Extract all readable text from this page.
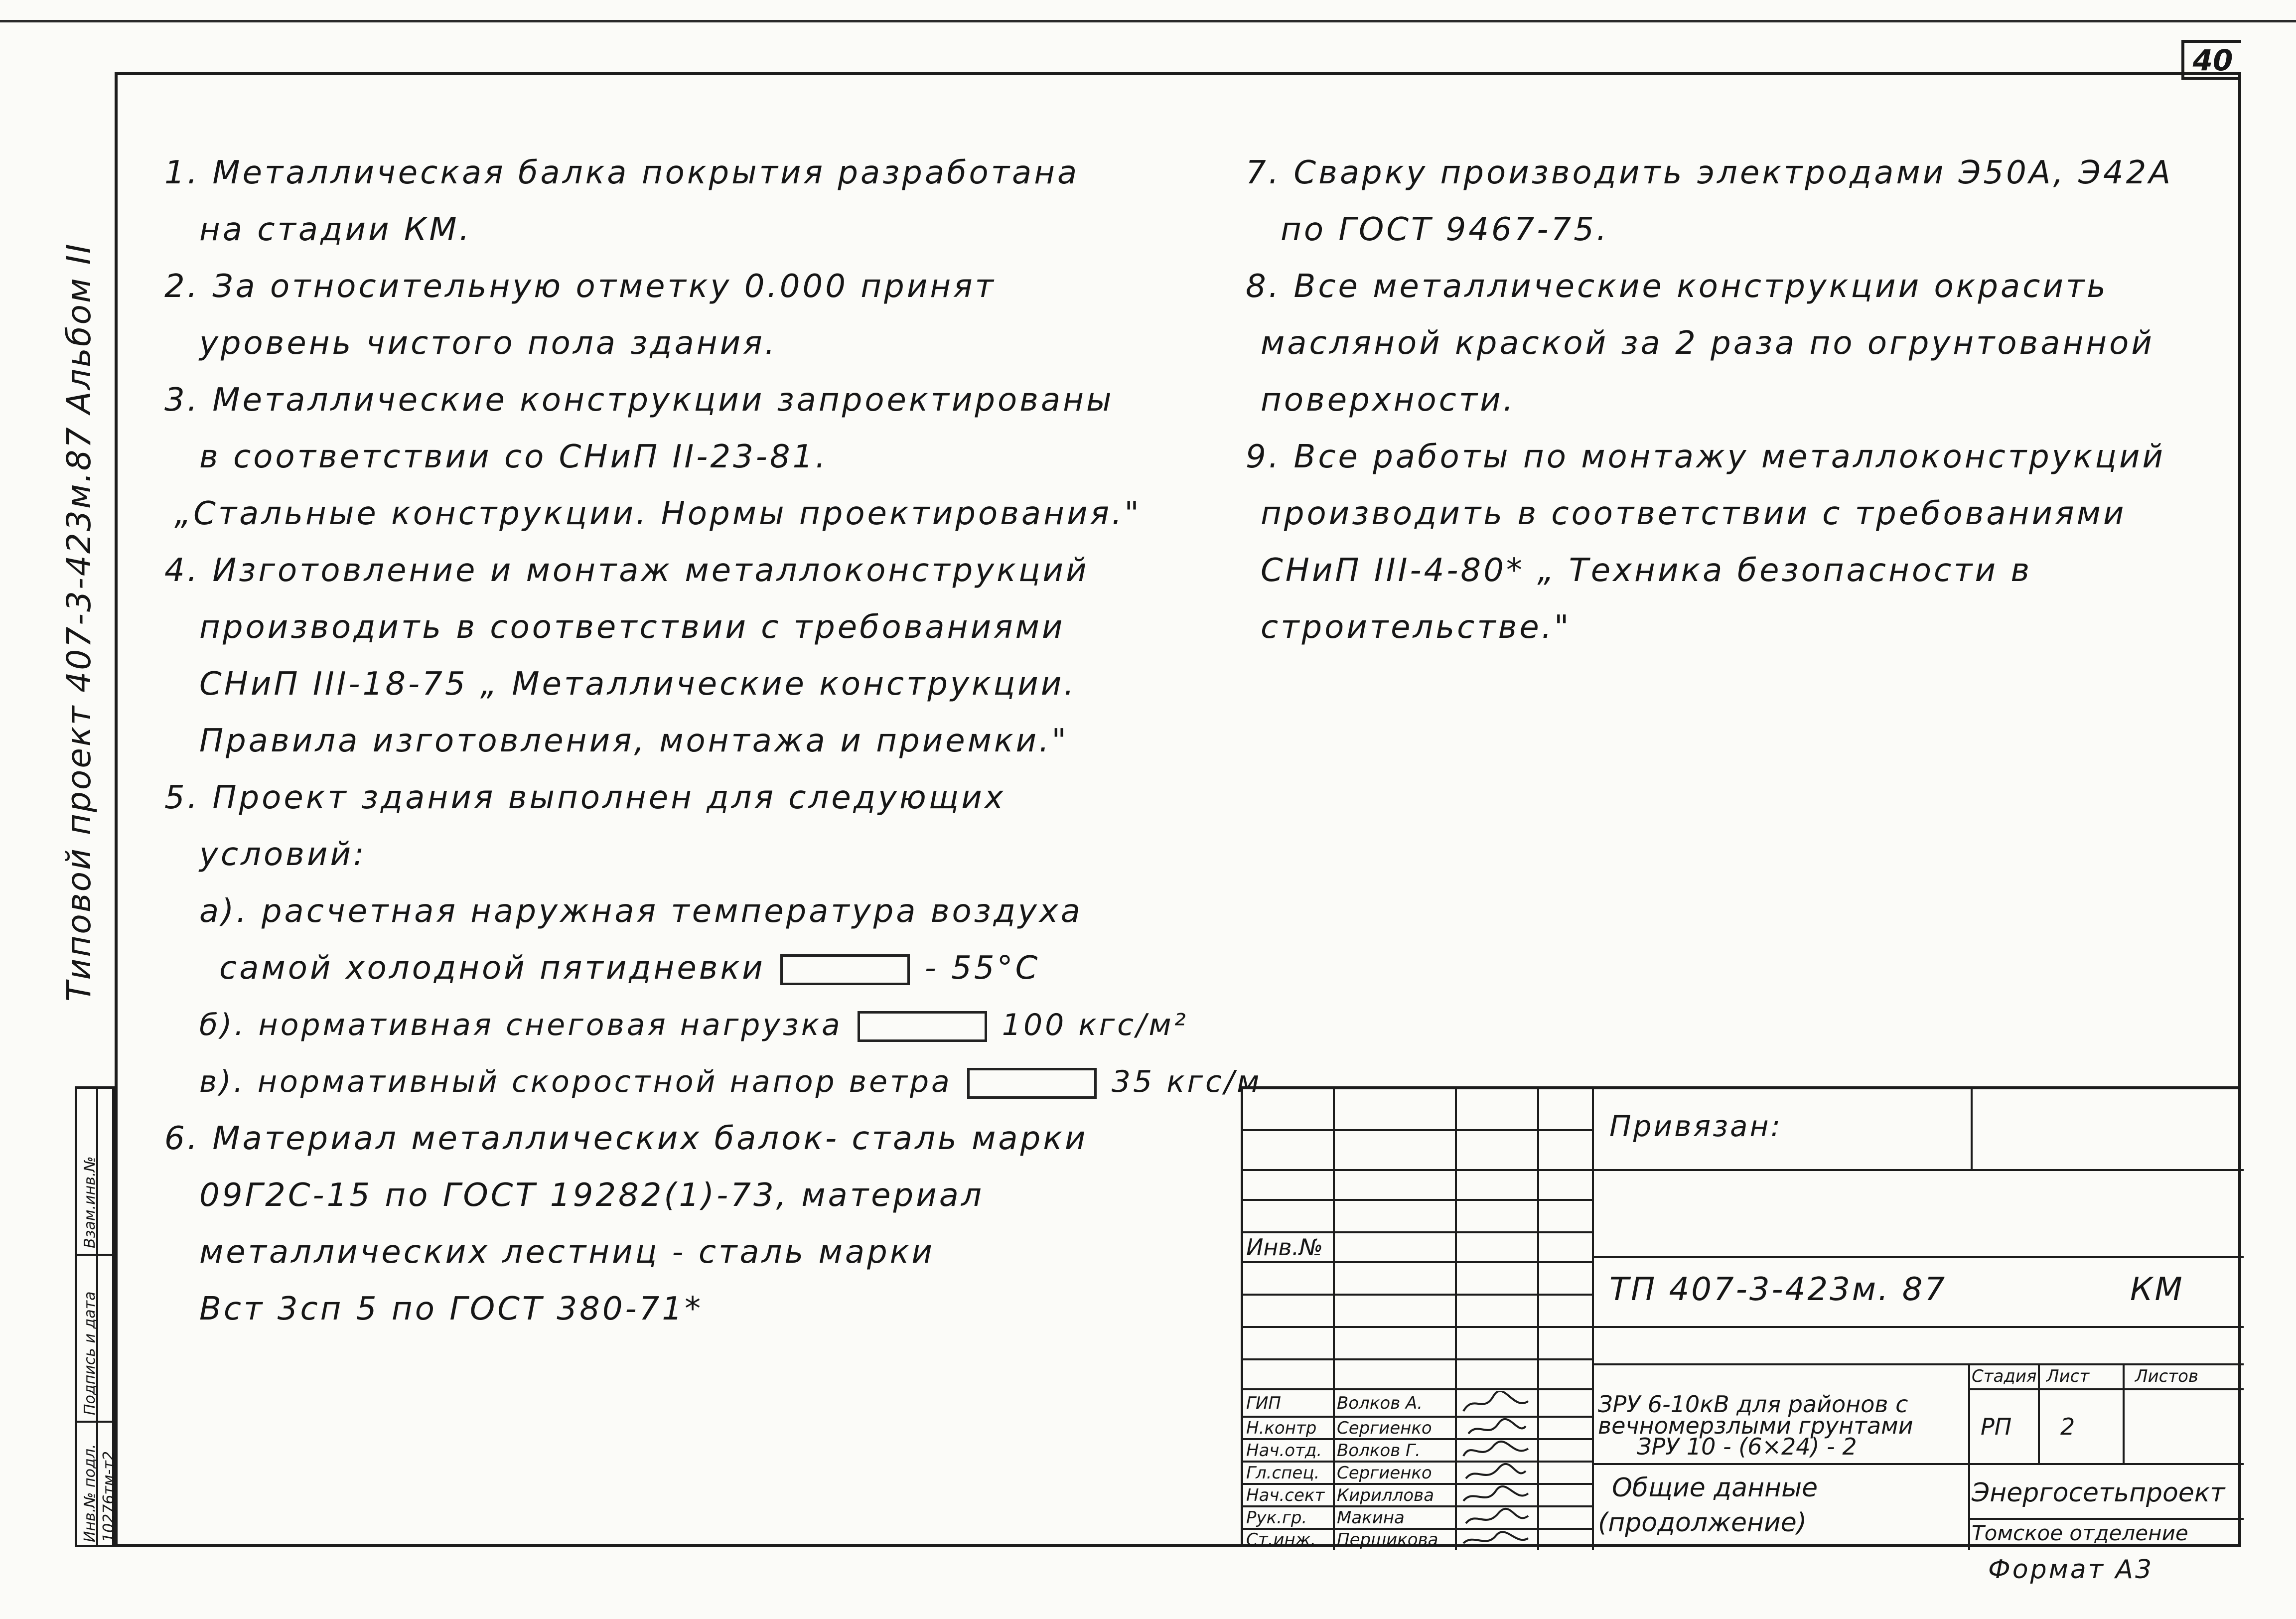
40
Типовой проект 407-3-423м.87 Альбом II
Взам.инв.№
Подпись и дата
Инв.№ подл. 10276тм-т2
1. Металлическая балка покрытия разработана
на стадии КМ.
2. За относительную отметку 0.000 принят
уровень чистого пола здания.
3. Металлические конструкции запроектированы
в соответствии со СНиП II-23-81.
„Стальные конструкции. Нормы проектирования."
4. Изготовление и монтаж металлоконструкций
производить в соответствии с требованиями
СНиП III-18-75 „ Металлические конструкции.
Правила изготовления, монтажа и приемки."
5. Проект здания выполнен для следующих
условий:
а). расчетная наружная температура воздуха
самой холодной пятидневки	- 55°С
б). нормативная снеговая нагрузка	100 кгс/м²
в). нормативный скоростной напор ветра	35 кгс/м
6. Материал металлических балок- сталь марки
09Г2С-15 по ГОСТ 19282(1)-73, материал
металлических лестниц - сталь марки
Вст 3сп 5 по ГОСТ 380-71*
7. Сварку производить электродами Э50А, Э42А
по ГОСТ 9467-75.
8. Все металлические конструкции окрасить
масляной краской за 2 раза по огрунтованной
поверхности.
9. Все работы по монтажу металлоконструкций
производить в соответствии с требованиями
СНиП III-4-80* „ Техника безопасности в
строительстве."
Инв.№
ГИП	Волков А.
Н.контр Сергиенко
Нач.отд. Волков Г.
Гл.спец. Сергиенко
Нач.сект Кириллова
Рук.гр. Макина
Ст.инж. Першикова
Привязан:
ТП 407-3-423м. 87	КМ
ЗРУ 6-10кВ для районов с
вечномерзлыми грунтами
ЗРУ 10 - (6×24) - 2
Стадия Лист	Листов
РП 2
Общие данные
(продолжение)
Энергосетьпроект
Томское отделение
Формат А3
